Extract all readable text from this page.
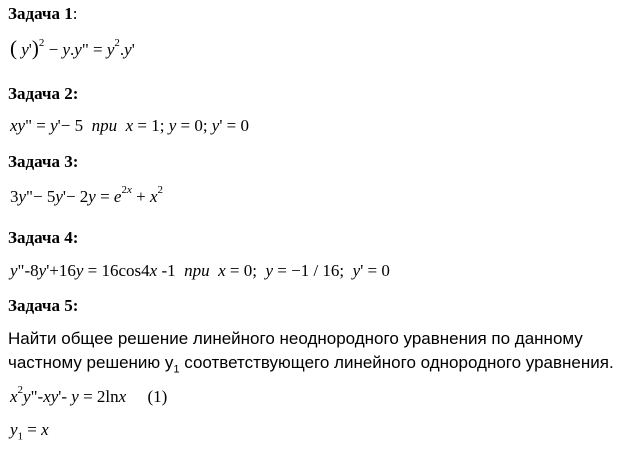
Задача 1:
( y')$^2$ − y.y" = $y^2.y'$
Задача 2:
xy" = y'− 5  при x = 1; y = 0; y' = 0
Задача 3:
3y"− $5y'- 2y = e^{2x} + x^2$
Задача 4:
y"-8y'+16y = 16cos4x -1  при x = 0;  y = −1 / 16;  y' = 0
Задача 5:
Найти общее решение линейного неоднородного уравнения по данному
частному решению $y_1$ соответствующего линейного однородного уравнения.
$x^2y"-xy'-$ y = 2lnx     (1)
$y_1 = x$
